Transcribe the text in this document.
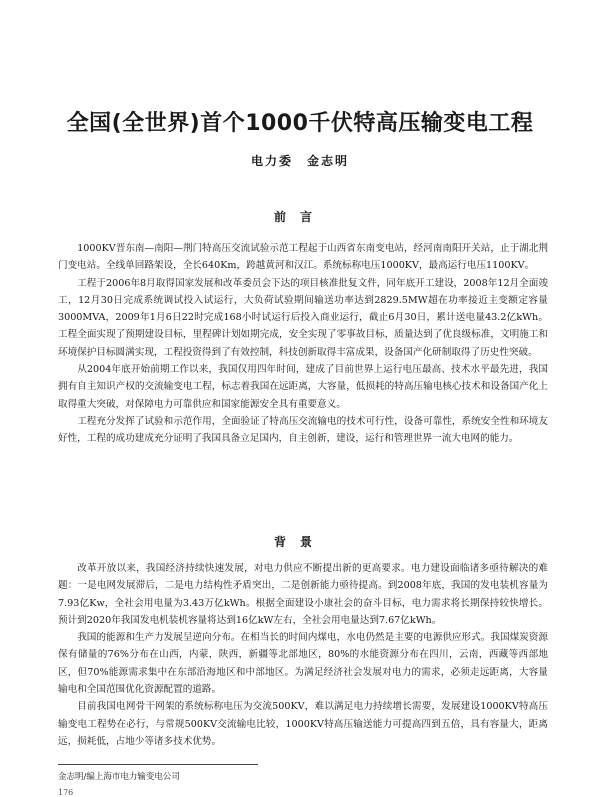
全国(全世界)首个1000千伏特高压输变电工程
电力委　金志明
前言

1000KV晋东南—南阳—荆门特高压交流试验示范工程起于山西省东南变电站，经河南南阳开关站，止于湖北荆门变电站。全线单回路架设，全长640Km，跨越黄河和汉江。系统标称电压1000KV，最高运行电压1100KV。

工程于2006年8月取得国家发展和改革委员会下达的项目核准批复文件，同年底开工建设，2008年12月全面竣工，12月30日完成系统调试投入试运行，大负荷试验期间输送功率达到2829.5MW超在功率接近主变额定容量3000MVA，2009年1月6日22时完成168小时试运行后投入商业运行，截止6月30日，累计送电量43.2亿kWh。工程全面实现了预期建设目标，里程碑计划如期完成，安全实现了零事故目标，质量达到了优良级标准，文明施工和环境保护目标圆满实现，工程投资得到了有效控制，科技创新取得丰富成果，设备国产化研制取得了历史性突破。

从2004年底开始前期工作以来，我国仅用四年时间，建成了目前世界上运行电压最高、技术水平最先进，我国拥有自主知识产权的交流输变电工程，标志着我国在远距离，大容量，低损耗的特高压输电核心技术和设备国产化上取得重大突破，对保障电力可靠供应和国家能源安全具有重要意义。

工程充分发挥了试验和示范作用，全面验证了特高压交流输电的技术可行性，设备可靠性，系统安全性和环境友好性，工程的成功建成充分证明了我国具备立足国内，自主创新，建设，运行和管理世界一流大电网的能力。

背景

改革开放以来，我国经济持续快速发展，对电力供应不断提出新的更高要求。电力建设面临诸多亟待解决的难题：一是电网发展滞后，二是电力结构性矛盾突出，二是创新能力亟待提高。到2008年底，我国的发电装机容量为7.93亿Kw，全社会用电量为3.43万亿kWh。根据全面建设小康社会的奋斗目标，电力需求将长期保持较快增长。预计到2020年我国发电机装机容量将达到16亿kW左右，全社会用电量达到7.67亿kWh。

我国的能源和生产力发展呈逆向分布。在相当长的时间内煤电，水电仍然是主要的电源供应形式。我国煤炭资源保有储量的76%分布在山西，内蒙，陕西，新疆等北部地区，80%的水能资源分布在四川，云南，西藏等西部地区，但70%能源需求集中在东部沿海地区和中部地区。为满足经济社会发展对电力的需求，必须走远距离，大容量输电和全国范围优化资源配置的道路。

目前我国电网骨干网架的系统标称电压为交流500KV，难以满足电力持续增长需要，发展建设1000KV特高压输变电工程势在必行，与常规500KV交流输电比较，1000KV特高压输送能力可提高四到五倍，具有容量大，距离远，损耗低，占地少等诸多技术优势。

金志明/编上海市电力输变电公司
176
